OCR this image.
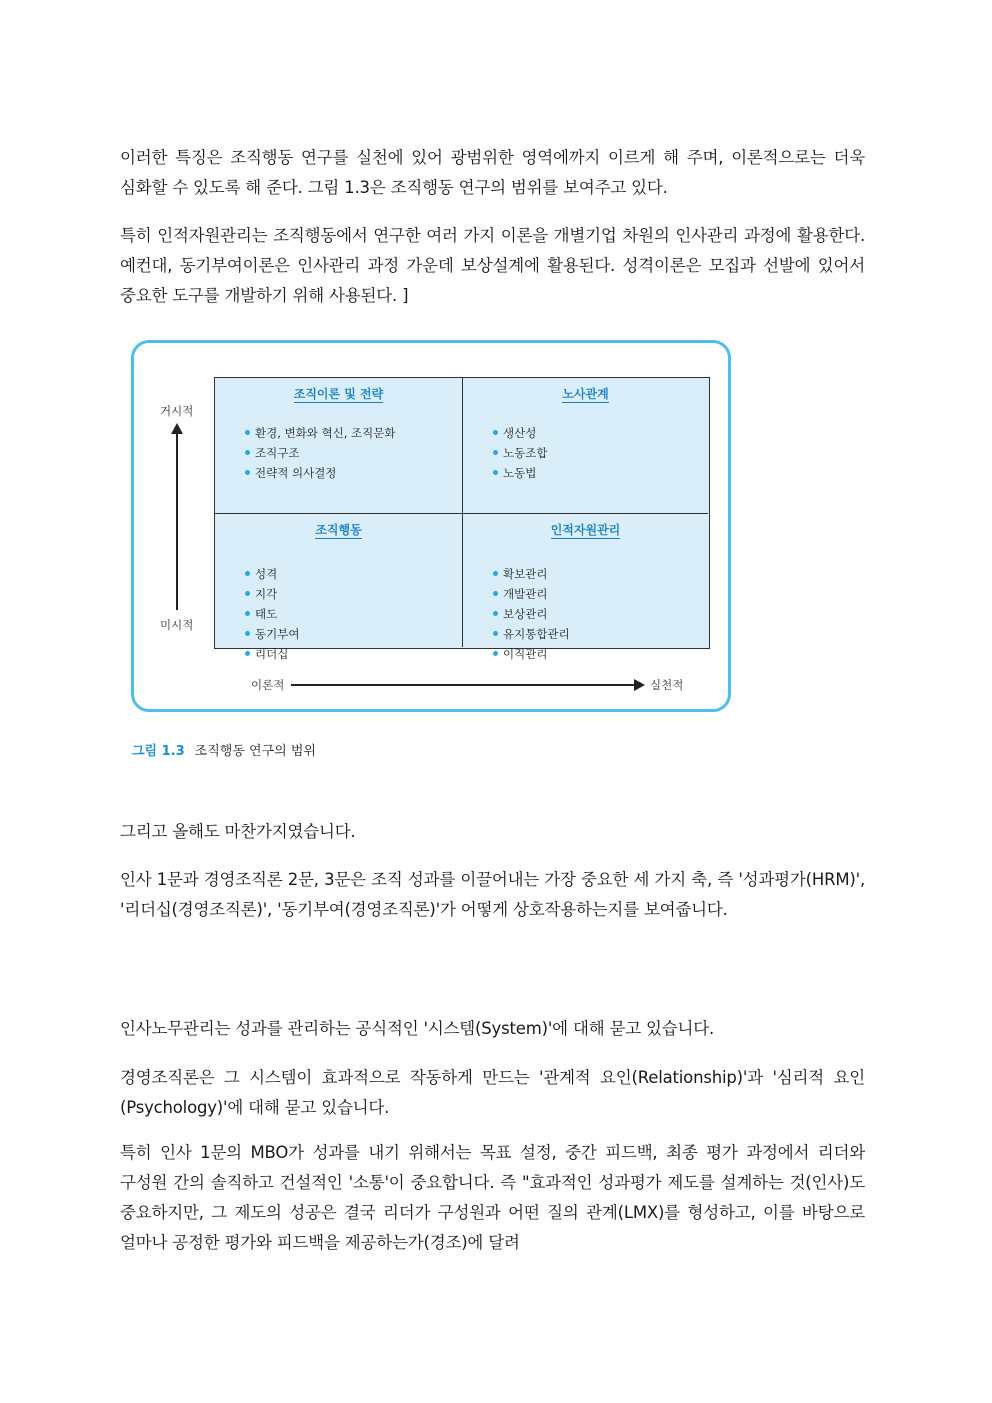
이러한 특징은 조직행동 연구를 실천에 있어 광범위한 영역에까지 이르게 해 주며, 이론적으로는 더욱 심화할 수 있도록 해 준다. 그림 1.3은 조직행동 연구의 범위를 보여주고 있다.

특히 인적자원관리는 조직행동에서 연구한 여러 가지 이론을 개별기업 차원의 인사관리 과정에 활용한다. 예컨대, 동기부여이론은 인사관리 과정 가운데 보상설계에 활용된다. 성격이론은 모집과 선발에 있어서 중요한 도구를 개발하기 위해 사용된다. ]

거시적
미시적
조직이론 및 전략
환경, 변화와 혁신, 조직문화
조직구조
전략적 의사결정
노사관계
생산성
노동조합
노동법
조직행동
성격
지각
태도
동기부여
리더십
인적자원관리
확보관리
개발관리
보상관리
유지통합관리
이직관리
이론적	실천적
그림 1.3 조직행동 연구의 범위

그리고 올해도 마찬가지였습니다.

인사 1문과 경영조직론 2문, 3문은 조직 성과를 이끌어내는 가장 중요한 세 가지 축, 즉 '성과평가(HRM)', '리더십(경영조직론)', '동기부여(경영조직론)'가 어떻게 상호작용하는지를 보여줍니다.

인사노무관리는 성과를 관리하는 공식적인 '시스템(System)'에 대해 묻고 있습니다.

경영조직론은 그 시스템이 효과적으로 작동하게 만드는 '관계적 요인(Relationship)'과 '심리적 요인(Psychology)'에 대해 묻고 있습니다.

특히 인사 1문의 MBO가 성과를 내기 위해서는 목표 설정, 중간 피드백, 최종 평가 과정에서 리더와 구성원 간의 솔직하고 건설적인 '소통'이 중요합니다. 즉 "효과적인 성과평가 제도를 설계하는 것(인사)도 중요하지만, 그 제도의 성공은 결국 리더가 구성원과 어떤 질의 관계(LMX)를 형성하고, 이를 바탕으로 얼마나 공정한 평가와 피드백을 제공하는가(경조)에 달려
